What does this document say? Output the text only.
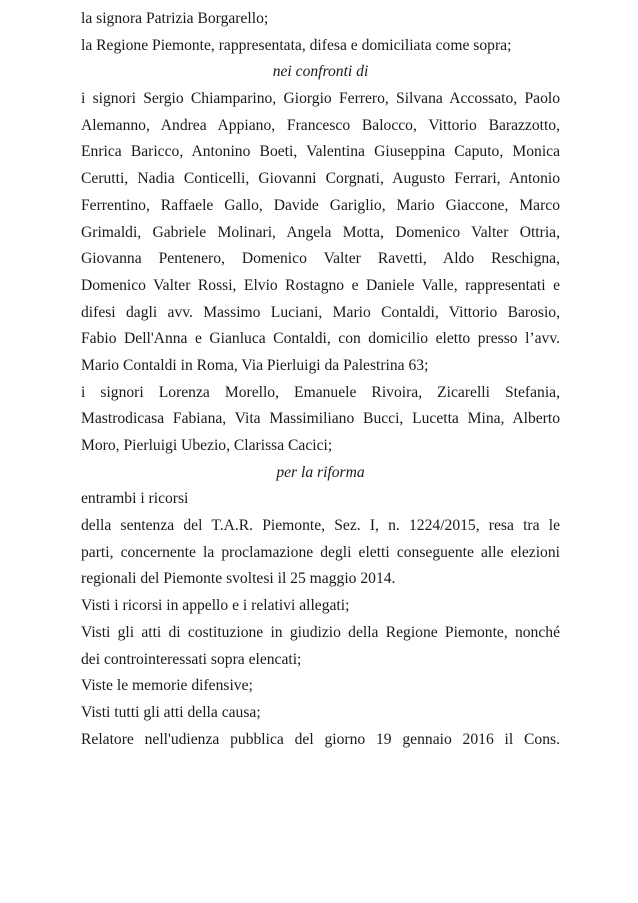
la signora Patrizia Borgarello;
la Regione Piemonte, rappresentata, difesa e domiciliata come sopra;
nei confronti di
i signori Sergio Chiamparino, Giorgio Ferrero, Silvana Accossato, Paolo
Alemanno, Andrea Appiano, Francesco Balocco, Vittorio Barazzotto,
Enrica Baricco, Antonino Boeti, Valentina Giuseppina Caputo, Monica
Cerutti, Nadia Conticelli, Giovanni Corgnati, Augusto Ferrari, Antonio
Ferrentino, Raffaele Gallo, Davide Gariglio, Mario Giaccone, Marco
Grimaldi, Gabriele Molinari, Angela Motta, Domenico Valter Ottria,
Giovanna Pentenero, Domenico Valter Ravetti, Aldo Reschigna,
Domenico Valter Rossi, Elvio Rostagno e Daniele Valle, rappresentati e
difesi dagli avv. Massimo Luciani, Mario Contaldi, Vittorio Barosio,
Fabio Dell'Anna e Gianluca Contaldi, con domicilio eletto presso l’avv.
Mario Contaldi in Roma, Via Pierluigi da Palestrina 63;
i signori Lorenza Morello, Emanuele Rivoira, Zicarelli Stefania,
Mastrodicasa Fabiana, Vita Massimiliano Bucci, Lucetta Mina, Alberto
Moro, Pierluigi Ubezio, Clarissa Cacici;
per la riforma
entrambi i ricorsi
della sentenza del T.A.R. Piemonte, Sez. I, n. 1224/2015, resa tra le
parti, concernente la proclamazione degli eletti conseguente alle elezioni
regionali del Piemonte svoltesi il 25 maggio 2014.
Visti i ricorsi in appello e i relativi allegati;
Visti gli atti di costituzione in giudizio della Regione Piemonte, nonché
dei controinteressati sopra elencati;
Viste le memorie difensive;
Visti tutti gli atti della causa;
Relatore nell'udienza pubblica del giorno 19 gennaio 2016 il Cons.
